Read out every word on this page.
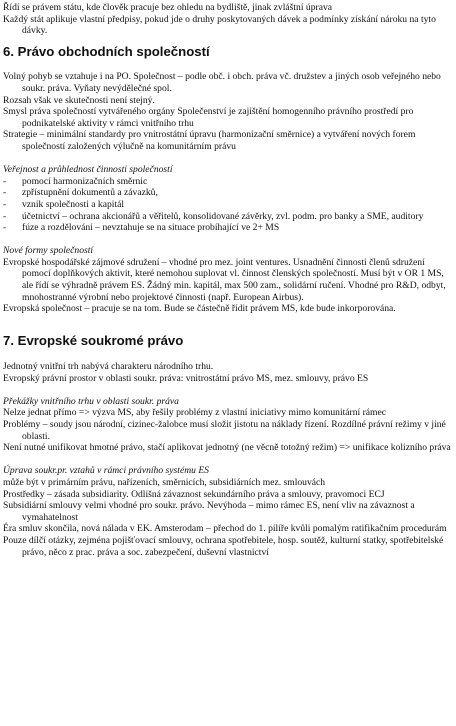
Řídí se právem státu, kde člověk pracuje bez ohledu na bydliště, jinak zvláštní úprava

Každý stát aplikuje vlastní předpisy, pokud jde o druhy poskytovaných dávek a podmínky získání nároku na tyto dávky.

6. Právo obchodních společností

Volný pohyb se vztahuje i na PO. Společnost – podle obč. i obch. práva vč. družstev a jiných osob veřejného nebo soukr. práva. Vyňaty nevýdělečné spol.

Rozsah však ve skutečnosti není stejný.

Smysl práva společností vytvářeného orgány Společenství je zajištění homogenního právního prostředí pro podnikatelské aktivity v rámci vnitřního trhu

Strategie – minimální standardy pro vnitrostátní úpravu (harmonizační směrnice) a vytváření nových forem společností založených výlučně na komunitárním právu

Veřejnost a průhlednost činnosti společností

-	pomocí harmonizačních směrnic
-	zpřístupnění dokumentů a závazků,
-	vznik společnosti a kapitál
-	účetnictví – ochrana akcionářů a věřitelů, konsolidované závěrky, zvl. podm. pro banky a SME, auditory
-	fúze a rozdělování – nevztahuje se na situace probíhající ve 2+ MS

Nové formy společností

Evropské hospodářské zájmové sdružení – vhodné pro mez. joint ventures. Usnadnění činnosti členů sdružení pomocí doplňkových aktivit, které nemohou suplovat vl. činnost členských společností. Musí být v OR 1 MS, ale řídí se výhradně právem ES. Žádný min. kapitál, max 500 zam., solidární ručení. Vhodné pro R&D, odbyt, mnohostranné výrobní nebo projektové činnosti (např. European Airbus).

Evropská společnost – pracuje se na tom. Bude se částečně řídit právem MS, kde bude inkorporována.

7. Evropské soukromé právo

Jednotný vnitřní trh nabývá charakteru národního trhu.

Evropský právní prostor v oblasti soukr. práva: vnitrostátní právo MS, mez. smlouvy, právo ES

Překážky vnitřního trhu v oblasti soukr. práva

Nelze jednat přímo => výzva MS, aby řešily problémy z vlastní iniciativy mimo komunitární rámec

Problémy – soudy jsou národní, cizinec-žalobce musí složit jistotu na náklady řízení. Rozdílné právní režimy v jiné oblasti.

Není nutné unifikovat hmotné právo, stačí aplikovat jednotný (ne věcně totožný režim) => unifikace kolizního práva

Úprava soukr.pr. vztahů v rámci právního systému ES

může být v primárním právu, nařízeních, směrnicích, subsidiárních mez. smlouvách

Prostředky – zásada subsidiarity. Odlišná závaznost sekundárního práva a smlouvy, pravomoci ECJ

Subsidiární smlouvy velmi vhodné pro soukr. právo. Nevýhoda – mimo rámec ES, není vliv na závaznost a vymahatelnost

Éra smluv skončila, nová nálada v EK. Amsterodam – přechod do 1. pilíře kvůli pomalým ratifikačním procedurám

Pouze dílčí otázky, zejména pojišťovací smlouvy, ochrana spotřebitele, hosp. soutěž, kulturní statky, spotřebitelské právo, něco z prac. práva a soc. zabezpečení, duševní vlastnictví
